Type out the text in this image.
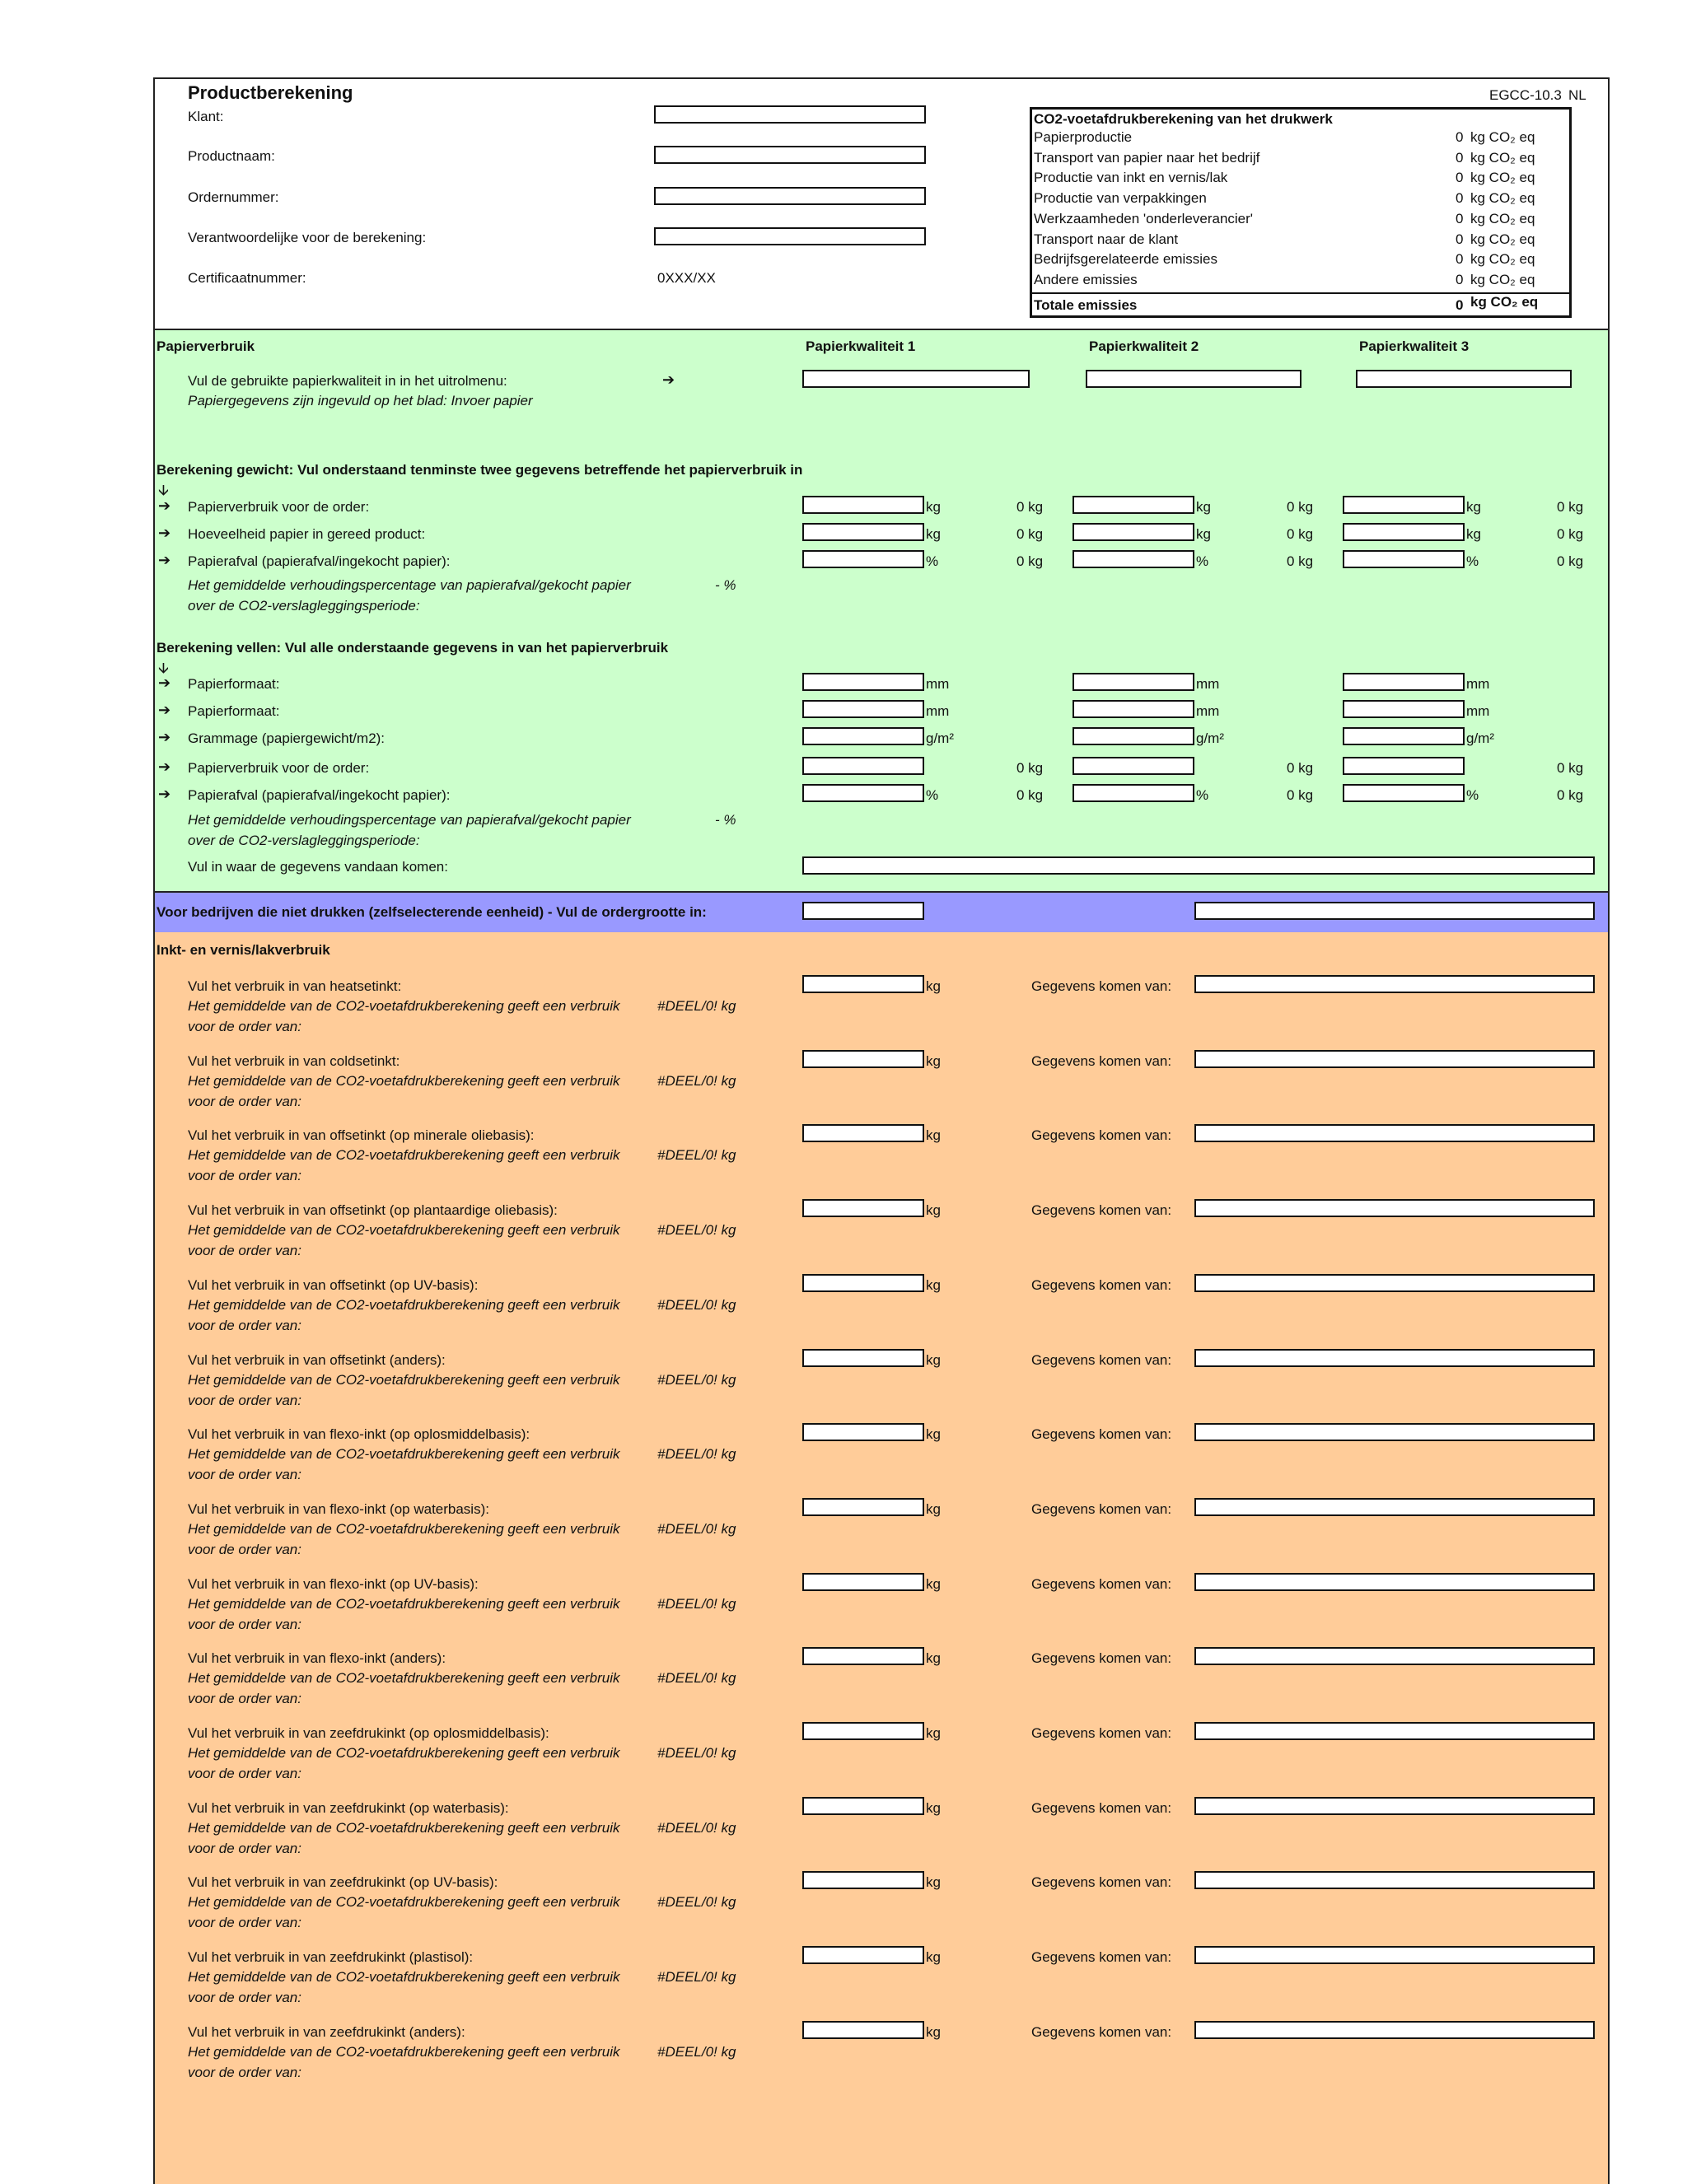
Productberekening	EGCC-10.3 NL
Klant:
Productnaam:
Ordernummer:
Verantwoordelijke voor de berekening:
Certificaatnummer:	0XXX/XX
CO2-voetafdrukberekening van het drukwerk
Papierproductie	0 kg CO₂ eq
Transport van papier naar het bedrijf	0 kg CO₂ eq
Productie van inkt en vernis/lak	0 kg CO₂ eq
Productie van verpakkingen	0 kg CO₂ eq
Werkzaamheden 'onderleverancier'	0 kg CO₂ eq
Transport naar de klant	0 kg CO₂ eq
Bedrijfsgerelateerde emissies	0 kg CO₂ eq
Andere emissies	0 kg CO₂ eq
Totale emissies	0 kg CO₂ eq
Papierverbruik	Papierkwaliteit 1	Papierkwaliteit 2	Papierkwaliteit 3
Vul de gebruikte papierkwaliteit in in het uitrolmenu:	➔
Papiergegevens zijn ingevuld op het blad: Invoer papier
Berekening gewicht: Vul onderstaand tenminste twee gegevens betreffende het papierverbruik in
🡫
➔ Papierverbruik voor de order:	kg	0 kg	kg	0 kg	kg	0 kg
➔ Hoeveelheid papier in gereed product:	kg	0 kg	kg	0 kg	kg	0 kg
➔ Papierafval (papierafval/ingekocht papier):	%	0 kg	%	0 kg	%	0 kg
Het gemiddelde verhoudingspercentage van papierafval/gekocht papier
over de CO2-verslagleggingsperiode:
- %
Berekening vellen: Vul alle onderstaande gegevens in van het papierverbruik
🡫
➔ Papierformaat:	mm	mm	mm
➔ Papierformaat:	mm	mm	mm
➔ Grammage (papiergewicht/m2):	g/m²	g/m²	g/m²
➔ Papierverbruik voor de order:	0 kg	0 kg	0 kg
➔ Papierafval (papierafval/ingekocht papier):	%	0 kg	%	0 kg	%	0 kg
Het gemiddelde verhoudingspercentage van papierafval/gekocht papier
over de CO2-verslagleggingsperiode:
- %
Vul in waar de gegevens vandaan komen:
Voor bedrijven die niet drukken (zelfselecterende eenheid) - Vul de ordergrootte in:
Inkt- en vernis/lakverbruik
Vul het verbruik in van heatsetinkt:
Het gemiddelde van de CO2-voetafdrukberekening geeft een verbruik
voor de order van:
#DEEL/0! kg
kg	Gegevens komen van:
Vul het verbruik in van coldsetinkt:
Het gemiddelde van de CO2-voetafdrukberekening geeft een verbruik
voor de order van:
#DEEL/0! kg
kg	Gegevens komen van:
Vul het verbruik in van offsetinkt (op minerale oliebasis):
Het gemiddelde van de CO2-voetafdrukberekening geeft een verbruik
voor de order van:
#DEEL/0! kg
kg	Gegevens komen van:
Vul het verbruik in van offsetinkt (op plantaardige oliebasis):
Het gemiddelde van de CO2-voetafdrukberekening geeft een verbruik
voor de order van:
#DEEL/0! kg
kg	Gegevens komen van:
Vul het verbruik in van offsetinkt (op UV-basis):
Het gemiddelde van de CO2-voetafdrukberekening geeft een verbruik
voor de order van:
#DEEL/0! kg
kg	Gegevens komen van:
Vul het verbruik in van offsetinkt (anders):
Het gemiddelde van de CO2-voetafdrukberekening geeft een verbruik
voor de order van:
#DEEL/0! kg
kg	Gegevens komen van:
Vul het verbruik in van flexo-inkt (op oplosmiddelbasis):
Het gemiddelde van de CO2-voetafdrukberekening geeft een verbruik
voor de order van:
#DEEL/0! kg
kg	Gegevens komen van:
Vul het verbruik in van flexo-inkt (op waterbasis):
Het gemiddelde van de CO2-voetafdrukberekening geeft een verbruik
voor de order van:
#DEEL/0! kg
kg	Gegevens komen van:
Vul het verbruik in van flexo-inkt (op UV-basis):
Het gemiddelde van de CO2-voetafdrukberekening geeft een verbruik
voor de order van:
#DEEL/0! kg
kg	Gegevens komen van:
Vul het verbruik in van flexo-inkt (anders):
Het gemiddelde van de CO2-voetafdrukberekening geeft een verbruik
voor de order van:
#DEEL/0! kg
kg	Gegevens komen van:
Vul het verbruik in van zeefdrukinkt (op oplosmiddelbasis):
Het gemiddelde van de CO2-voetafdrukberekening geeft een verbruik
voor de order van:
#DEEL/0! kg
kg	Gegevens komen van:
Vul het verbruik in van zeefdrukinkt (op waterbasis):
Het gemiddelde van de CO2-voetafdrukberekening geeft een verbruik
voor de order van:
#DEEL/0! kg
kg	Gegevens komen van:
Vul het verbruik in van zeefdrukinkt (op UV-basis):
Het gemiddelde van de CO2-voetafdrukberekening geeft een verbruik
voor de order van:
#DEEL/0! kg
kg	Gegevens komen van:
Vul het verbruik in van zeefdrukinkt (plastisol):
Het gemiddelde van de CO2-voetafdrukberekening geeft een verbruik
voor de order van:
#DEEL/0! kg
kg	Gegevens komen van:
Vul het verbruik in van zeefdrukinkt (anders):
Het gemiddelde van de CO2-voetafdrukberekening geeft een verbruik
voor de order van:
#DEEL/0! kg
kg	Gegevens komen van:
